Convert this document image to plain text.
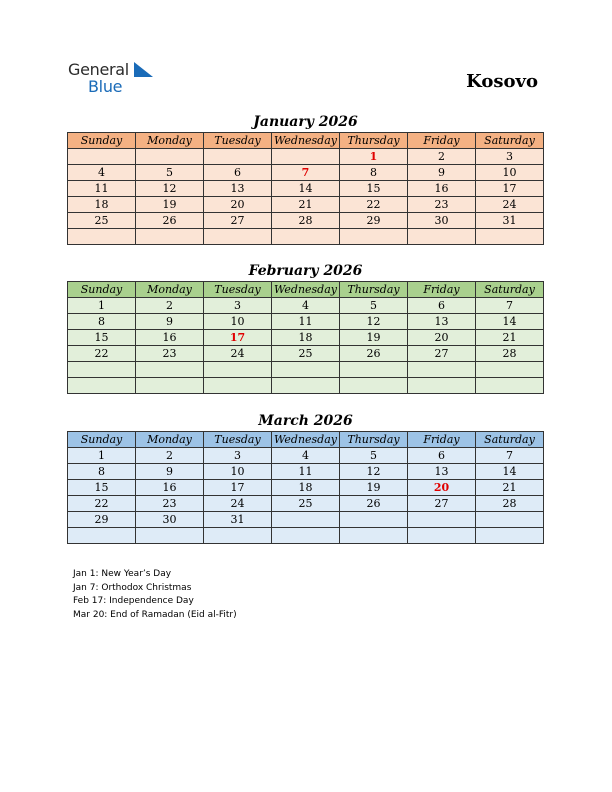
General
Blue	Kosovo
January 2026
Sunday	Monday	Tuesday	Wednesday	Thursday	Friday	Saturday
				1	2	3
4	5	6	7	8	9	10
11	12	13	14	15	16	17
18	19	20	21	22	23	24
25	26	27	28	29	30	31

February 2026
Sunday	Monday	Tuesday	Wednesday	Thursday	Friday	Saturday
1	2	3	4	5	6	7
8	9	10	11	12	13	14
15	16	17	18	19	20	21
22	23	24	25	26	27	28

March 2026
Sunday	Monday	Tuesday	Wednesday	Thursday	Friday	Saturday
1	2	3	4	5	6	7
8	9	10	11	12	13	14
15	16	17	18	19	20	21
22	23	24	25	26	27	28
29	30	31				

Jan 1: New Year’s Day
Jan 7: Orthodox Christmas
Feb 17: Independence Day
Mar 20: End of Ramadan (Eid al-Fitr)
